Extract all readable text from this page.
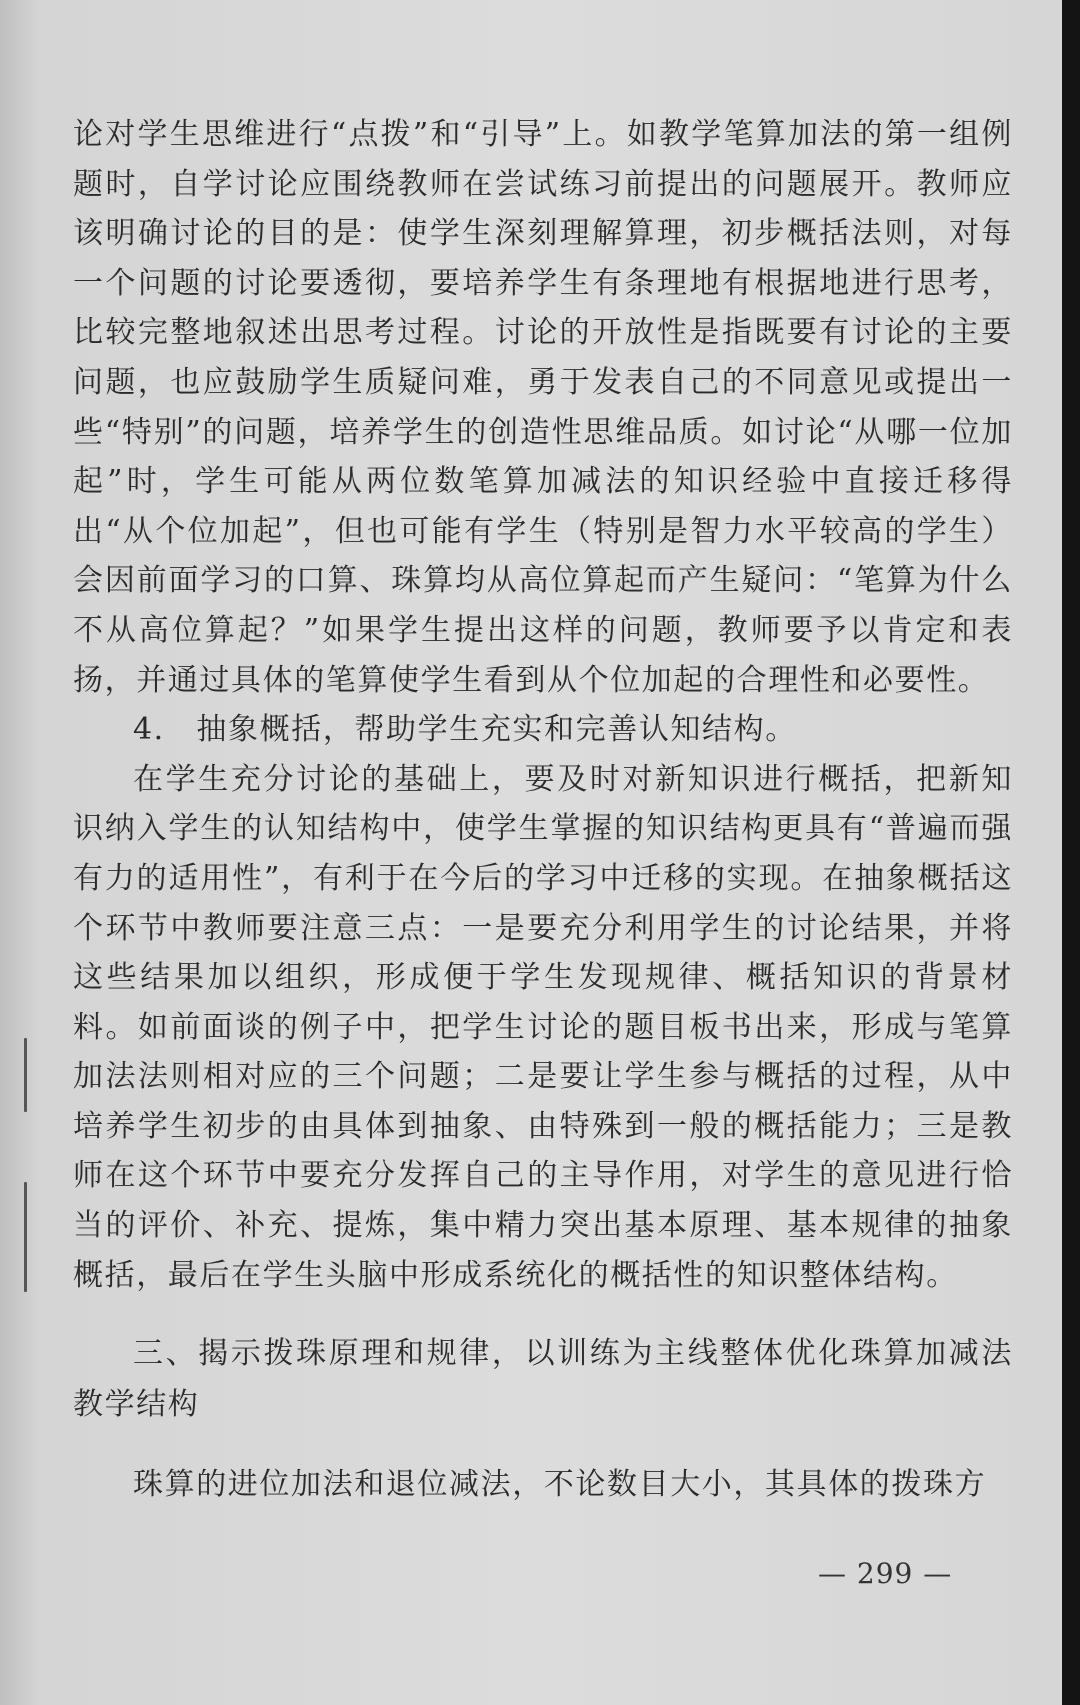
论对学生思维进行“点拨”和“引导”上。如教学笔算加法的第一组例题时，自学讨论应围绕教师在尝试练习前提出的问题展开。教师应该明确讨论的目的是：使学生深刻理解算理，初步概括法则，对每一个问题的讨论要透彻，要培养学生有条理地有根据地进行思考，比较完整地叙述出思考过程。讨论的开放性是指既要有讨论的主要问题，也应鼓励学生质疑问难，勇于发表自己的不同意见或提出一些“特别”的问题，培养学生的创造性思维品质。如讨论“从哪一位加起”时，学生可能从两位数笔算加减法的知识经验中直接迁移得出“从个位加起”，但也可能有学生（特别是智力水平较高的学生）会因前面学习的口算、珠算均从高位算起而产生疑问：“笔算为什么不从高位算起？”如果学生提出这样的问题，教师要予以肯定和表扬，并通过具体的笔算使学生看到从个位加起的合理性和必要性。

4.　抽象概括，帮助学生充实和完善认知结构。

在学生充分讨论的基础上，要及时对新知识进行概括，把新知识纳入学生的认知结构中，使学生掌握的知识结构更具有“普遍而强有力的适用性”，有利于在今后的学习中迁移的实现。在抽象概括这个环节中教师要注意三点：一是要充分利用学生的讨论结果，并将这些结果加以组织，形成便于学生发现规律、概括知识的背景材料。如前面谈的例子中，把学生讨论的题目板书出来，形成与笔算加法法则相对应的三个问题；二是要让学生参与概括的过程，从中培养学生初步的由具体到抽象、由特殊到一般的概括能力；三是教师在这个环节中要充分发挥自己的主导作用，对学生的意见进行恰当的评价、补充、提炼，集中精力突出基本原理、基本规律的抽象概括，最后在学生头脑中形成系统化的概括性的知识整体结构。

三、揭示拨珠原理和规律，以训练为主线整体优化珠算加减法教学结构

珠算的进位加法和退位减法，不论数目大小，其具体的拨珠方

— 299 —
